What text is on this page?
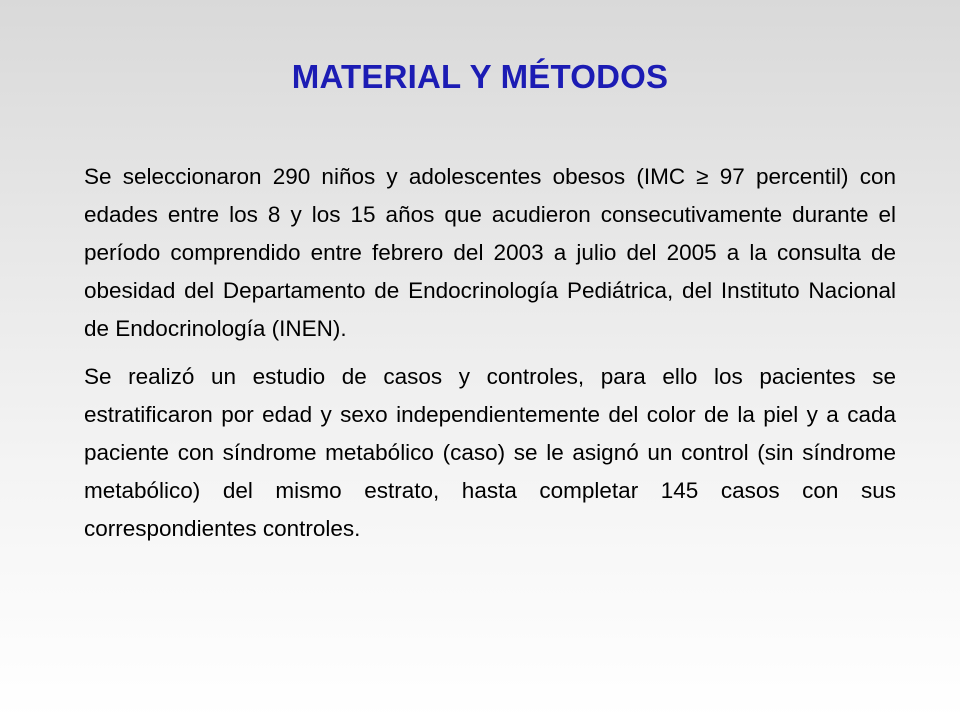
MATERIAL Y MÉTODOS

Se seleccionaron 290 niños y adolescentes obesos (IMC ≥ 97 percentil) con edades entre los 8 y los 15 años que acudieron consecutivamente durante el período comprendido entre febrero del 2003 a julio del 2005 a la consulta de obesidad del Departamento de Endocrinología Pediátrica, del Instituto Nacional de Endocrinología (INEN).

Se realizó un estudio de casos y controles, para ello los pacientes se estratificaron por edad y sexo independientemente del color de la piel y a cada paciente con síndrome metabólico (caso) se le asignó un control (sin síndrome metabólico) del mismo estrato, hasta completar 145 casos con sus correspondientes controles.
